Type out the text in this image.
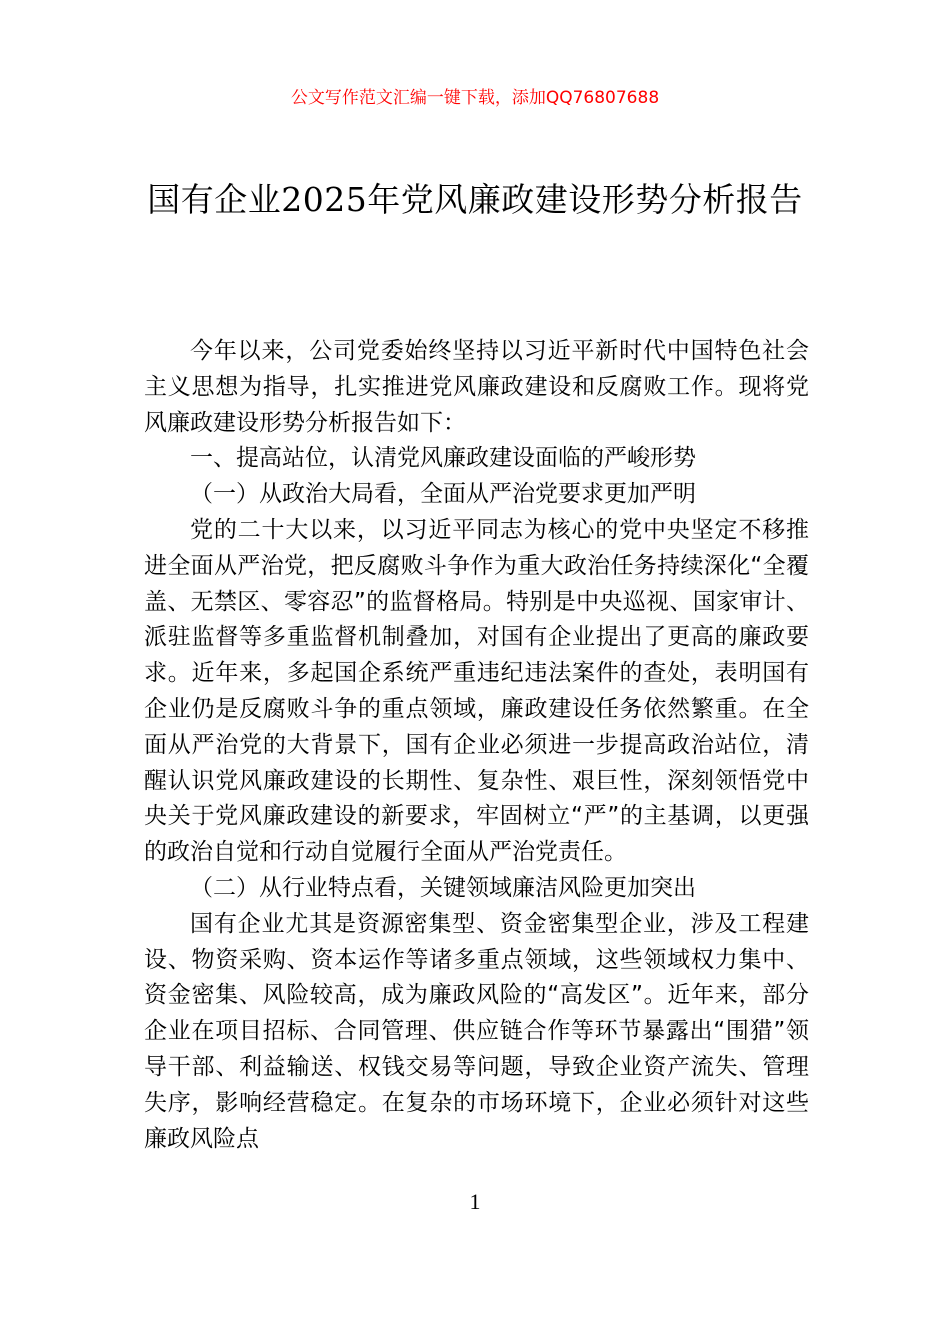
公文写作范文汇编一键下载，添加QQ76807688
国有企业2025年党风廉政建设形势分析报告

今年以来，公司党委始终坚持以习近平新时代中国特色社会主义思想为指导，扎实推进党风廉政建设和反腐败工作。现将党风廉政建设形势分析报告如下：

一、提高站位，认清党风廉政建设面临的严峻形势

（一）从政治大局看，全面从严治党要求更加严明

党的二十大以来，以习近平同志为核心的党中央坚定不移推进全面从严治党，把反腐败斗争作为重大政治任务持续深化“全覆盖、无禁区、零容忍”的监督格局。特别是中央巡视、国家审计、派驻监督等多重监督机制叠加，对国有企业提出了更高的廉政要求。近年来，多起国企系统严重违纪违法案件的查处，表明国有企业仍是反腐败斗争的重点领域，廉政建设任务依然繁重。在全面从严治党的大背景下，国有企业必须进一步提高政治站位，清醒认识党风廉政建设的长期性、复杂性、艰巨性，深刻领悟党中央关于党风廉政建设的新要求，牢固树立“严”的主基调，以更强的政治自觉和行动自觉履行全面从严治党责任。

（二）从行业特点看，关键领域廉洁风险更加突出

国有企业尤其是资源密集型、资金密集型企业，涉及工程建设、物资采购、资本运作等诸多重点领域，这些领域权力集中、资金密集、风险较高，成为廉政风险的“高发区”。近年来，部分企业在项目招标、合同管理、供应链合作等环节暴露出“围猎”领导干部、利益输送、权钱交易等问题，导致企业资产流失、管理失序，影响经营稳定。在复杂的市场环境下，企业必须针对这些廉政风险点

1
